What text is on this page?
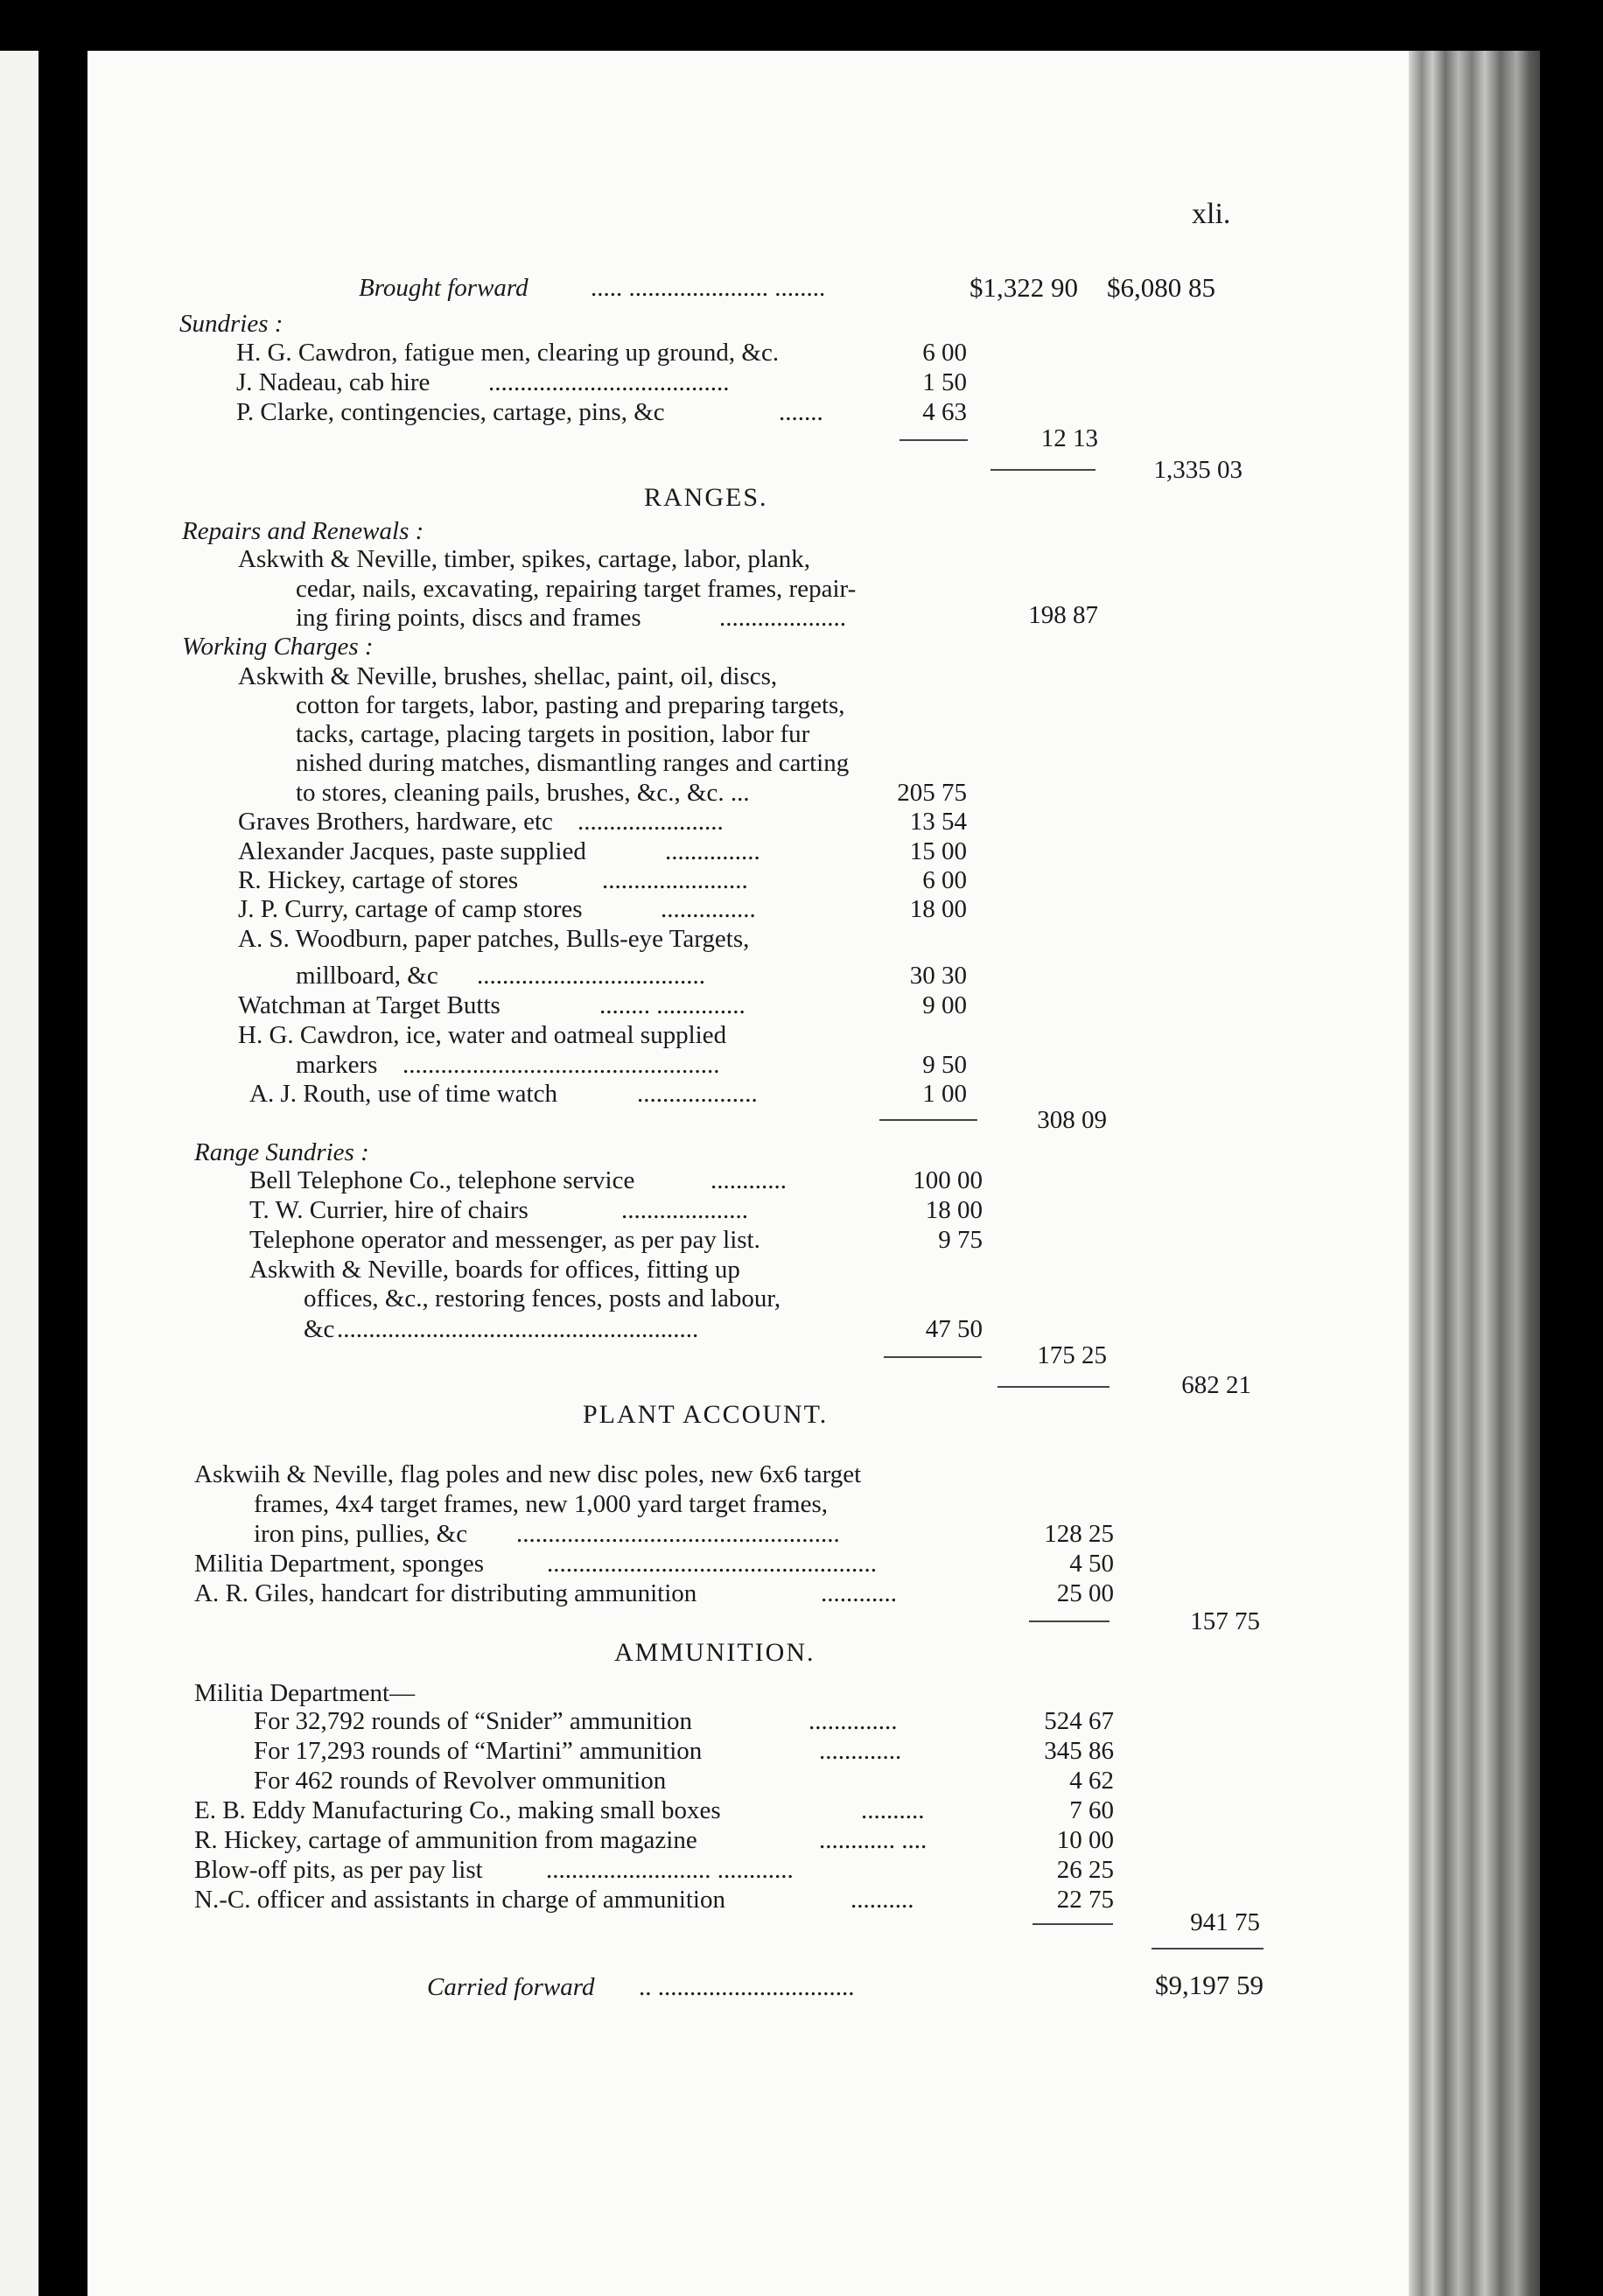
xli.
Brought forward ..... ...................... ........	$1,322 90 $6,080 85
Sundries :
H. G. Cawdron, fatigue men, clearing up ground, &c.	6 00
J. Nadeau, cab hire ......................................	1 50
P. Clarke, contingencies, cartage, pins, &c	.......	4 63
12 13
1,335 03
RANGES.
Repairs and Renewals :
Askwith & Neville, timber, spikes, cartage, labor, plank,
cedar, nails, excavating, repairing target frames, repair-
ing firing points, discs and frames	....................	198 87
Working Charges :
Askwith & Neville, brushes, shellac, paint, oil, discs,
cotton for targets, labor, pasting and preparing targets,
tacks, cartage, placing targets in position, labor fur
nished during matches, dismantling ranges and carting
to stores, cleaning pails, brushes, &c., &c. ...	205 75
Graves Brothers, hardware, etc .......................	13 54
Alexander Jacques, paste supplied	...............	15 00
R. Hickey, cartage of stores	.......................	6 00
J. P. Curry, cartage of camp stores	...............	18 00
A. S. Woodburn, paper patches, Bulls-eye Targets,
millboard, &c ....................................	30 30
Watchman at Target Butts	........ ..............	9 00
H. G. Cawdron, ice, water and oatmeal supplied
markers ..................................................	9 50
A. J. Routh, use of time watch	...................	1 00
308 09
Range Sundries :
Bell Telephone Co., telephone service	............	100 00
T. W. Currier, hire of chairs	....................	18 00
Telephone operator and messenger, as per pay list.	9 75
Askwith & Neville, boards for offices, fitting up
offices, &c., restoring fences, posts and labour,
&c .........................................................	47 50
175 25
682 21
PLANT ACCOUNT.
Askwiih & Neville, flag poles and new disc poles, new 6x6 target
frames, 4x4 target frames, new 1,000 yard target frames,
iron pins, pullies, &c ...................................................	128 25
Militia Department, sponges ....................................................	4 50
A. R. Giles, handcart for distributing ammunition	............	25 00
157 75
AMMUNITION.
Militia Department—
For 32,792 rounds of “Snider” ammunition	..............	524 67
For 17,293 rounds of “Martini” ammunition	.............	345 86
For 462 rounds of Revolver ommunition	4 62
E. B. Eddy Manufacturing Co., making small boxes	..........	7 60
R. Hickey, cartage of ammunition from magazine	............ ....	10 00
Blow-off pits, as per pay list .......................... ............	26 25
N.-C. officer and assistants in charge of ammunition	..........	22 75
941 75
Carried forward .. ...............................	$9,197 59
